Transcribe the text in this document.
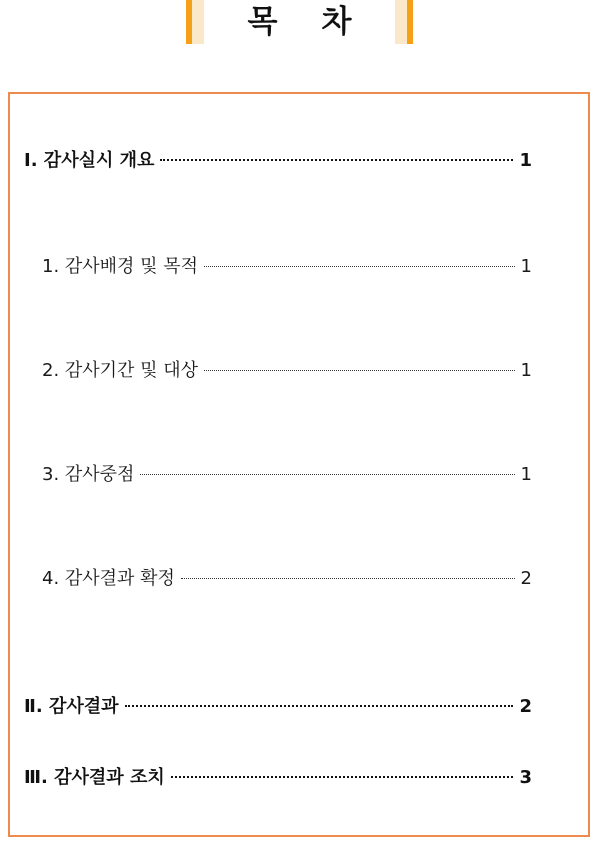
목 차
Ⅰ. 감사실시 개요	1
1. 감사배경 및 목적	1
2. 감사기간 및 대상	1
3. 감사중점	1
4. 감사결과 확정	2
Ⅱ. 감사결과	2
Ⅲ. 감사결과 조치	3
